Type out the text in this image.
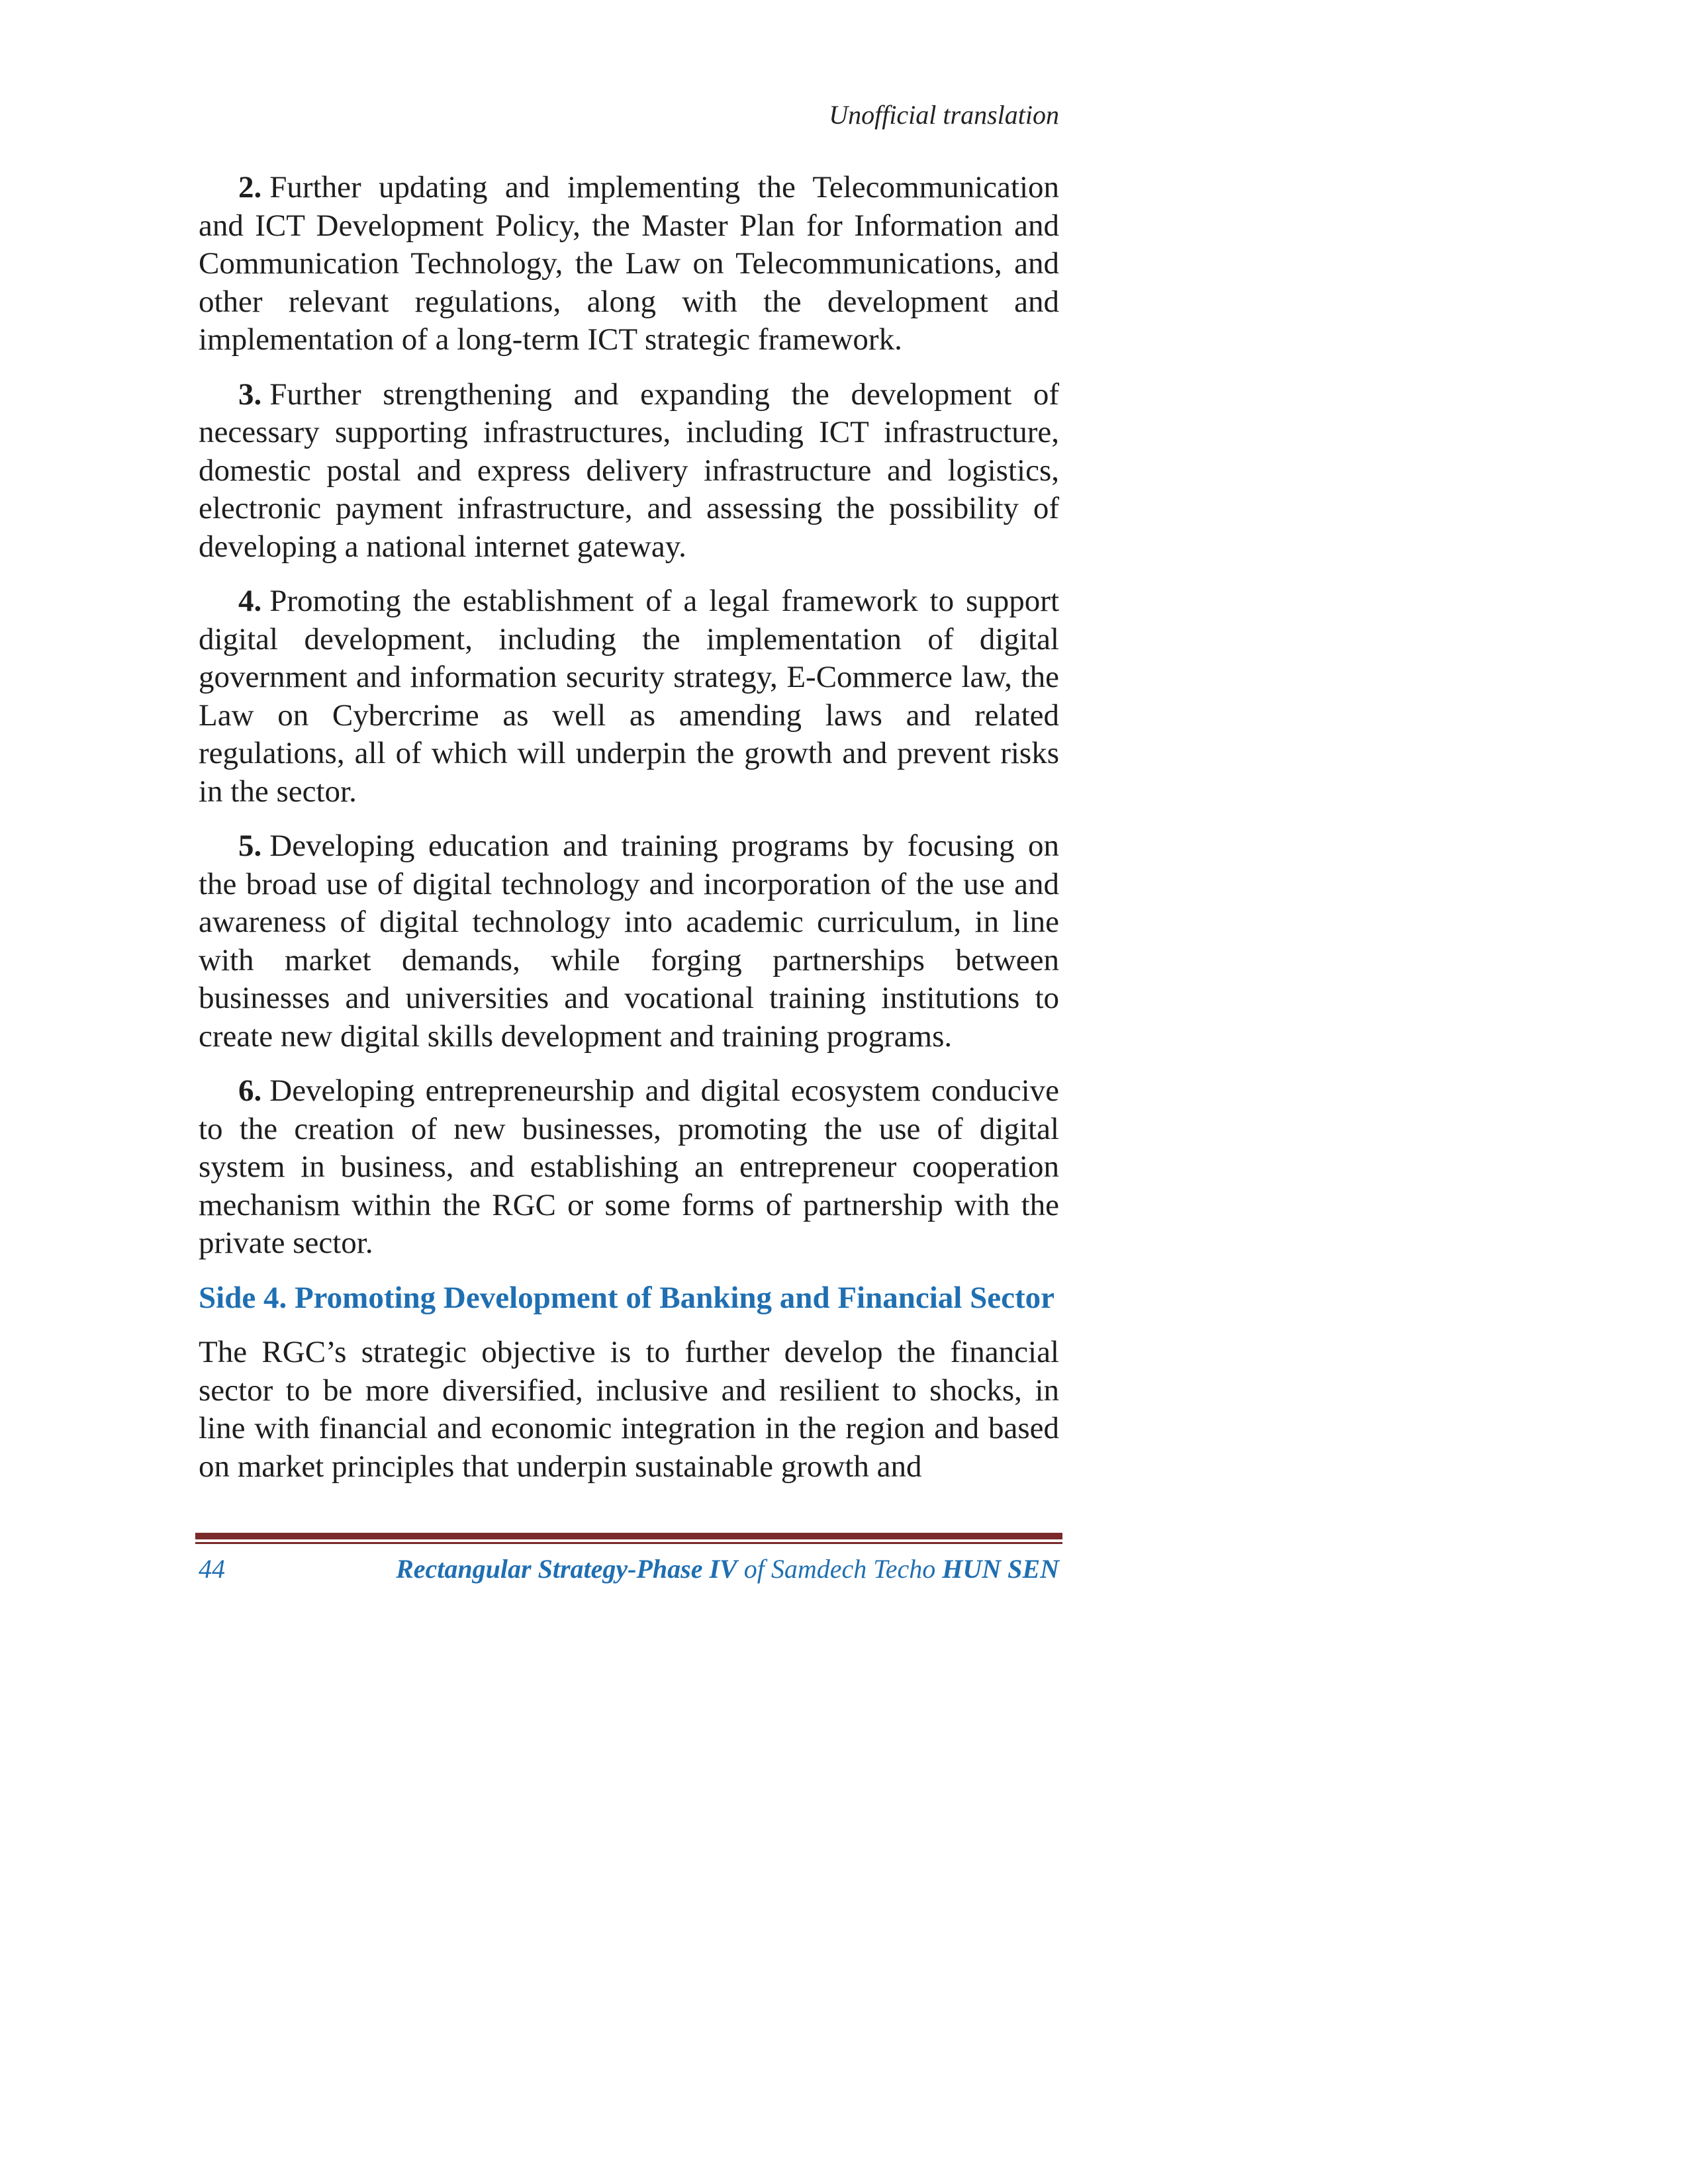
Unofficial translation

2. Further updating and implementing the Telecommunication and ICT Development Policy, the Master Plan for Information and Communication Technology, the Law on Telecommunications, and other relevant regulations, along with the development and implementation of a long-term ICT strategic framework.

3. Further strengthening and expanding the development of necessary supporting infrastructures, including ICT infrastructure, domestic postal and express delivery infrastructure and logistics, electronic payment infrastructure, and assessing the possibility of developing a national internet gateway.

4. Promoting the establishment of a legal framework to support digital development, including the implementation of digital government and information security strategy, E-Commerce law, the Law on Cybercrime as well as amending laws and related regulations, all of which will underpin the growth and prevent risks in the sector.

5. Developing education and training programs by focusing on the broad use of digital technology and incorporation of the use and awareness of digital technology into academic curriculum, in line with market demands, while forging partnerships between businesses and universities and vocational training institutions to create new digital skills development and training programs.

6. Developing entrepreneurship and digital ecosystem conducive to the creation of new businesses, promoting the use of digital system in business, and establishing an entrepreneur cooperation mechanism within the RGC or some forms of partnership with the private sector.

Side 4. Promoting Development of Banking and Financial Sector

The RGC’s strategic objective is to further develop the financial sector to be more diversified, inclusive and resilient to shocks, in line with financial and economic integration in the region and based on market principles that underpin sustainable growth and

44	Rectangular Strategy-Phase IV of Samdech Techo HUN SEN
